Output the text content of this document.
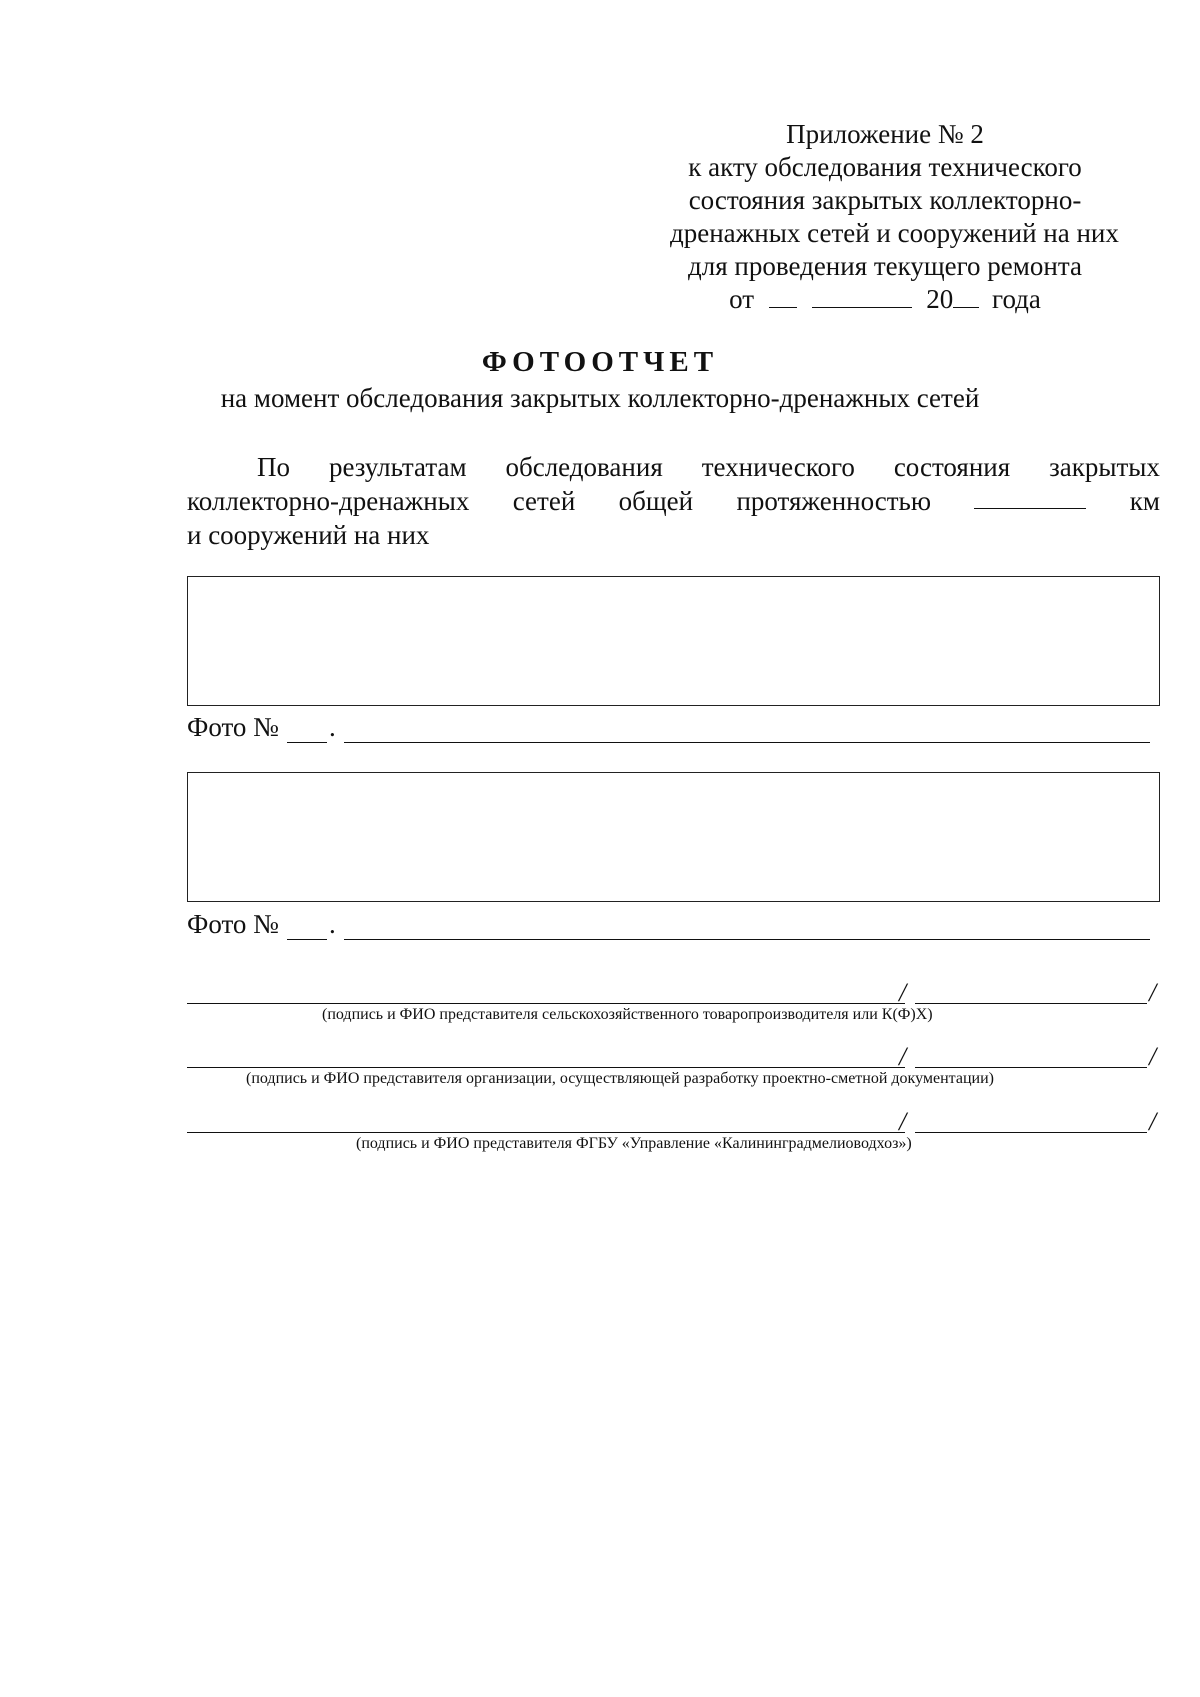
Приложение № 2
к акту обследования технического
состояния закрытых коллекторно-
дренажных сетей и сооружений на них
для проведения текущего ремонта
от	20 года
ФОТООТЧЕТ
на момент обследования закрытых коллекторно-дренажных сетей
По результатам обследования технического состояния закрытых
коллекторно-дренажных сетей общей протяженностью	км
и сооружений на них
Фото № .
Фото № .
/	/
(подпись и ФИО представителя сельскохозяйственного товаропроизводителя или К(Ф)Х)
/	/
(подпись и ФИО представителя организации, осуществляющей разработку проектно-сметной документации)
/	/
(подпись и ФИО представителя ФГБУ «Управление «Калининградмелиоводхоз»)
